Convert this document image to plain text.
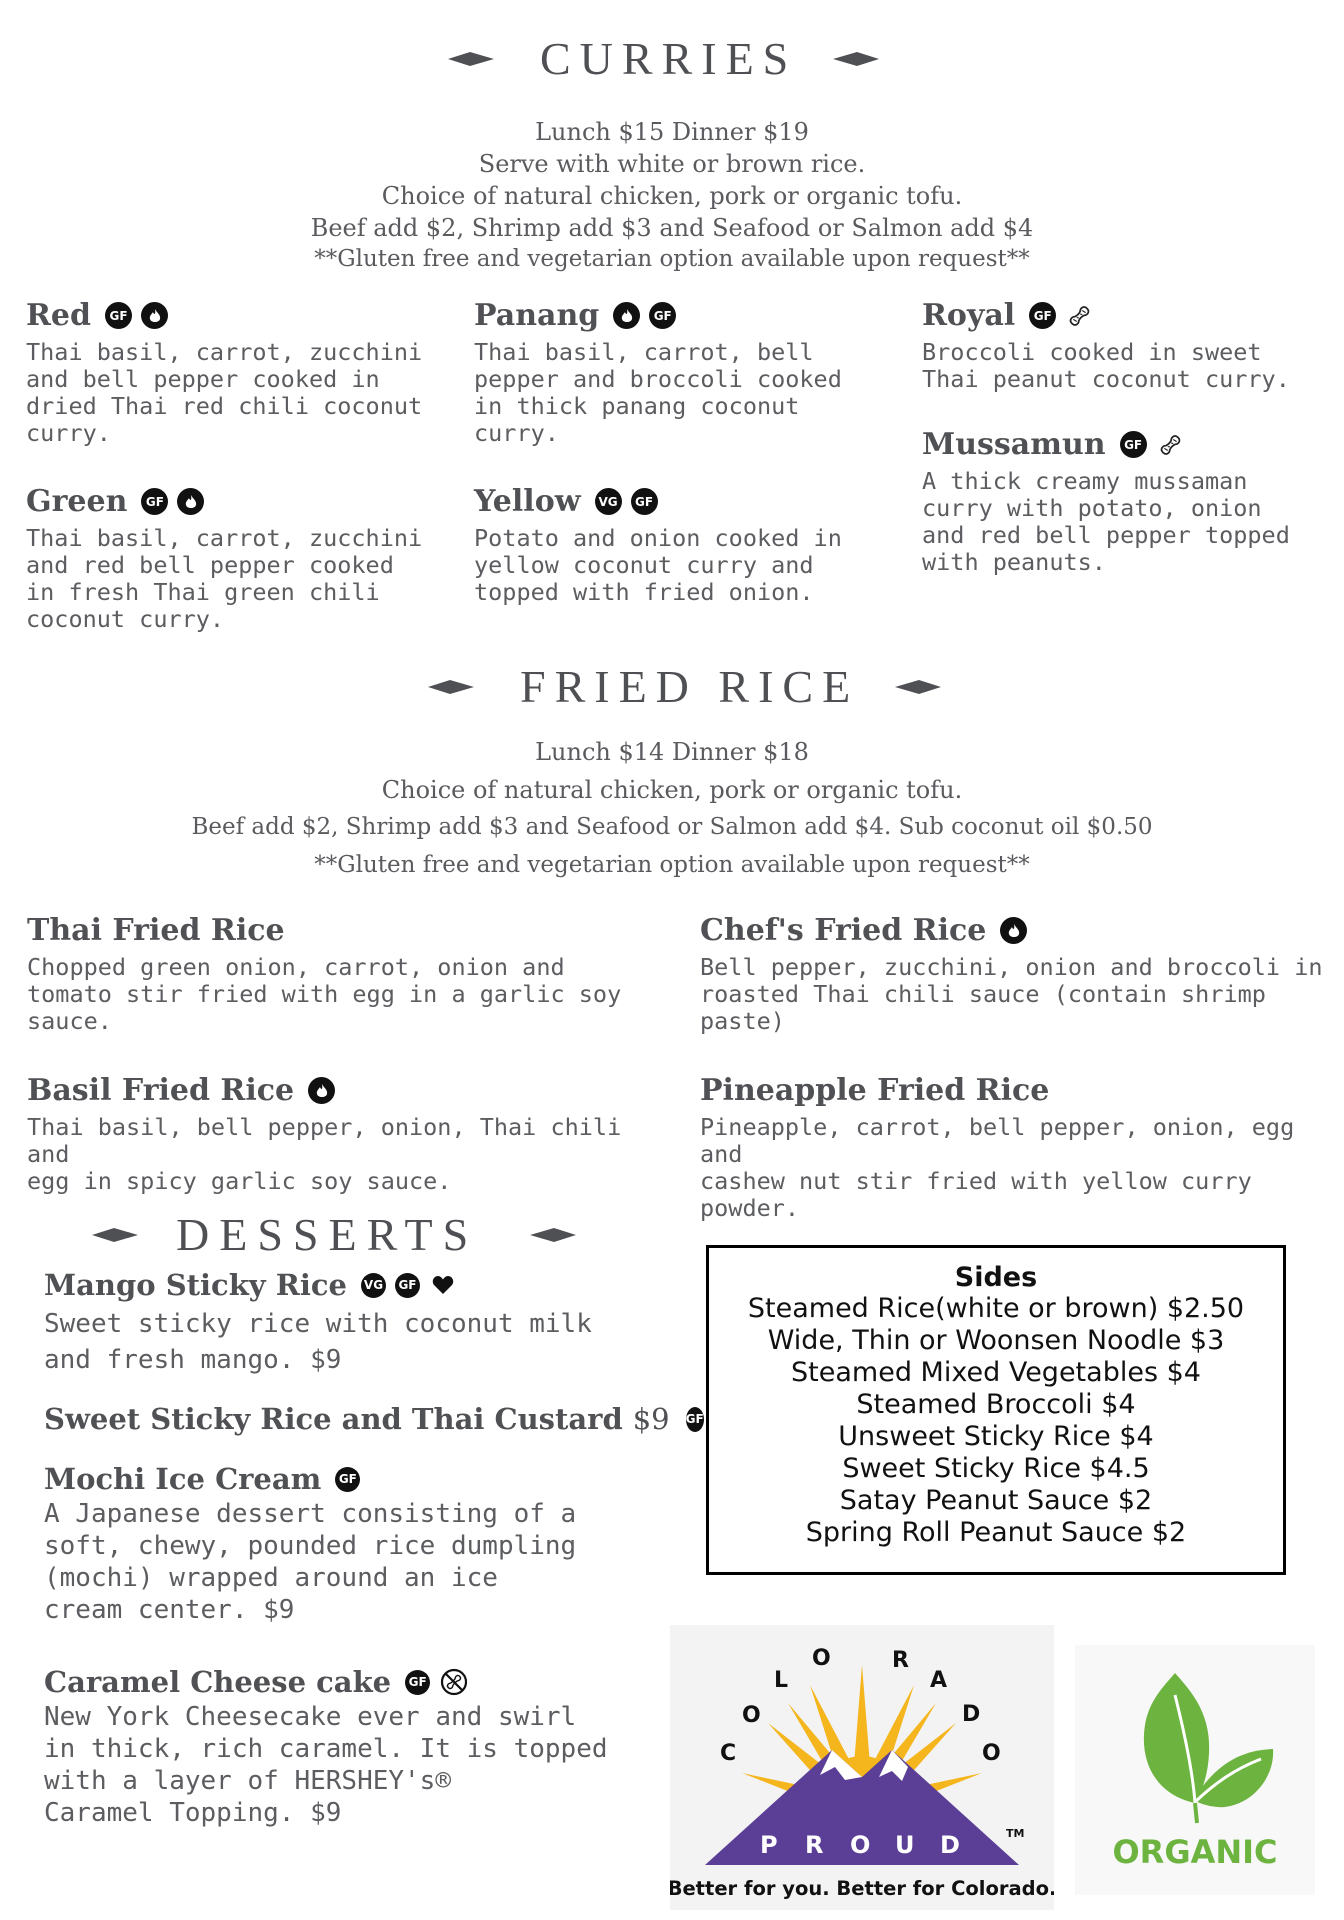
CURRIES
Lunch $15 Dinner $19
Serve with white or brown rice.
Choice of natural chicken, pork or organic tofu.
Beef add $2, Shrimp add $3 and Seafood or Salmon add $4
**Gluten free and vegetarian option available upon request**
Red	GF
Thai basil, carrot, zucchini
and bell pepper cooked in
dried Thai red chili coconut
curry.
Panang	GF
Thai basil, carrot, bell
pepper and broccoli cooked
in thick panang coconut
curry.
Royal	GF
Broccoli cooked in sweet
Thai peanut coconut curry.
Green	GF
Thai basil, carrot, zucchini
and red bell pepper cooked
in fresh Thai green chili
coconut curry.
Yellow	VG	GF
Potato and onion cooked in
yellow coconut curry and
topped with fried onion.
Mussamun	GF
A thick creamy mussaman
curry with potato, onion
and red bell pepper topped
with peanuts.
FRIED RICE
Lunch $14 Dinner $18
Choice of natural chicken, pork or organic tofu.
Beef add $2, Shrimp add $3 and Seafood or Salmon add $4. Sub coconut oil $0.50
**Gluten free and vegetarian option available upon request**
Thai Fried Rice
Chopped green onion, carrot, onion and
tomato stir fried with egg in a garlic soy
sauce.
Chef's Fried Rice
Bell pepper, zucchini, onion and broccoli in
roasted Thai chili sauce (contain shrimp
paste)
Basil Fried Rice
Thai basil, bell pepper, onion, Thai chili and
egg in spicy garlic soy sauce.
Pineapple Fried Rice
Pineapple, carrot, bell pepper, onion, egg and
cashew nut stir fried with yellow curry
powder.
DESSERTS
Mango Sticky Rice VG GF
Sweet sticky rice with coconut milk
and fresh mango. $9
Sweet Sticky Rice and Thai Custard $9 GF
Mochi Ice Cream GF
A Japanese dessert consisting of a
soft, chewy, pounded rice dumpling
(mochi) wrapped around an ice
cream center. $9
Caramel Cheese cake GF
New York Cheesecake ever and swirl
in thick, rich caramel. It is topped
with a layer of HERSHEY's®
Caramel Topping. $9
Sides
Steamed Rice(white or brown) $2.50
Wide, Thin or Woonsen Noodle $3
Steamed Mixed Vegetables $4
Steamed Broccoli $4
Unsweet Sticky Rice $4
Sweet Sticky Rice $4.5
Satay Peanut Sauce $2
Spring Roll Peanut Sauce $2
C
O
L
O	R
A
D
O
P R O U D	TM
Better for you. Better for Colorado.
ORGANIC
